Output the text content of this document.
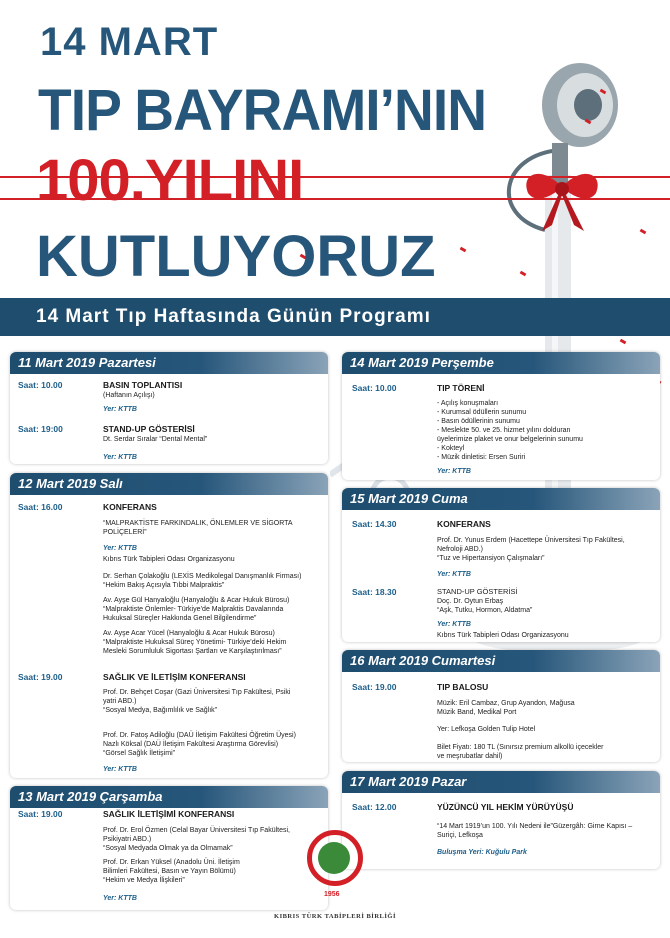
14 MART
TIP BAYRAMI’NIN
100.YILINI
KUTLUYORUZ
14 Mart Tıp Haftasında Günün Programı
11 Mart 2019 Pazartesi
Saat: 10.00	BASIN TOPLANTISI
(Haftanın Açılışı)
Yer: KTTB
Saat: 19:00	STAND-UP GÖSTERİSİ
Dt. Serdar Sıralar “Dental Mental”
Yer: KTTB
12 Mart 2019 Salı
Saat: 16.00	KONFERANS
“MALPRAKTİSTE FARKINDALIK, ÖNLEMLER VE SİGORTA
POLİÇELERİ”
Yer: KTTB
Kıbrıs Türk Tabipleri Odası Organizasyonu
Dr. Serhan Çolakoğlu (LEXİS Medikolegal Danışmanlık Firması)
“Hekim Bakış Açısıyla Tıbbi Malpraktis”
Av. Ayşe Gül Hanyaloğlu (Hanyaloğlu & Acar Hukuk Bürosu)
“Malpraktiste Önlemler- Türkiye’de Malpraktis Davalarında
Hukuksal Süreçler Hakkında Genel Bilgilendirme”
Av. Ayşe Acar Yücel (Hanyaloğlu & Acar Hukuk Bürosu)
“Malpraktiste Hukuksal Süreç Yönetimi- Türkiye’deki Hekim
Mesleki Sorumluluk Sigortası Şartları ve Karşılaştırılması”
Saat: 19.00	SAĞLIK VE İLETİŞİM KONFERANSI
Prof. Dr. Behçet Coşar (Gazi Üniversitesi Tıp Fakültesi, Psiki
yatri ABD.)
“Sosyal Medya, Bağımlılık ve Sağlık”
Prof. Dr. Fatoş Adiloğlu (DAÜ İletişim Fakültesi Öğretim Üyesi)
Nazlı Köksal (DAÜ İletişim Fakültesi Araştırma Görevlisi)
“Görsel Sağlık İletişimi”
Yer: KTTB
13 Mart 2019 Çarşamba
Saat: 19.00	SAĞLIK İLETİŞİMİ KONFERANSI
Prof. Dr. Erol Özmen (Celal Bayar Üniversitesi Tıp Fakültesi,
Psikiyatri ABD.)
“Sosyal Medyada Olmak ya da Olmamak”
Prof. Dr. Erkan Yüksel (Anadolu Üni. İletişim
Bilimleri Fakültesi, Basın ve Yayın Bölümü)
“Hekim ve Medya İlişkileri”
Yer: KTTB
14 Mart 2019 Perşembe
Saat: 10.00	TIP TÖRENİ
- Açılış konuşmaları
- Kurumsal ödüllerin sunumu
- Basın ödüllerinin sunumu
- Meslekte 50. ve 25. hizmet yılını dolduran
üyelerimize plaket ve onur belgelerinin sunumu
- Kokteyl
- Müzik dinletisi: Ersen Suriri
Yer: KTTB
15 Mart 2019 Cuma
Saat: 14.30	KONFERANS
Prof. Dr. Yunus Erdem (Hacettepe Üniversitesi Tıp Fakültesi,
Nefroloji ABD.)
“Tuz ve Hipertansiyon Çalışmaları”
Yer: KTTB
Saat: 18.30	STAND-UP GÖSTERİSİ
Doç. Dr. Oytun Erbaş
“Aşk, Tutku, Hormon, Aldatma”
Yer: KTTB
Kıbrıs Türk Tabipleri Odası Organizasyonu
16 Mart 2019 Cumartesi
Saat: 19.00	TIP BALOSU
Müzik: Eril Cambaz, Grup Ayandon, Mağusa
Müzik Band, Medikal Port
Yer: Lefkoşa Golden Tulip Hotel
Bilet Fiyatı: 180 TL (Sınırsız premium alkollü içecekler
ve meşrubatlar dahil)
17 Mart 2019 Pazar
Saat: 12.00	YÜZÜNCÜ YIL HEKİM YÜRÜYÜŞÜ
“14 Mart 1919’un 100. Yılı Nedeni ile”Güzergâh: Girne Kapısı –
Suriçi, Lefkoşa
Buluşma Yeri: Kuğulu Park
1956
KIBRIS TÜRK TABİPLERİ BİRLİĞİ
